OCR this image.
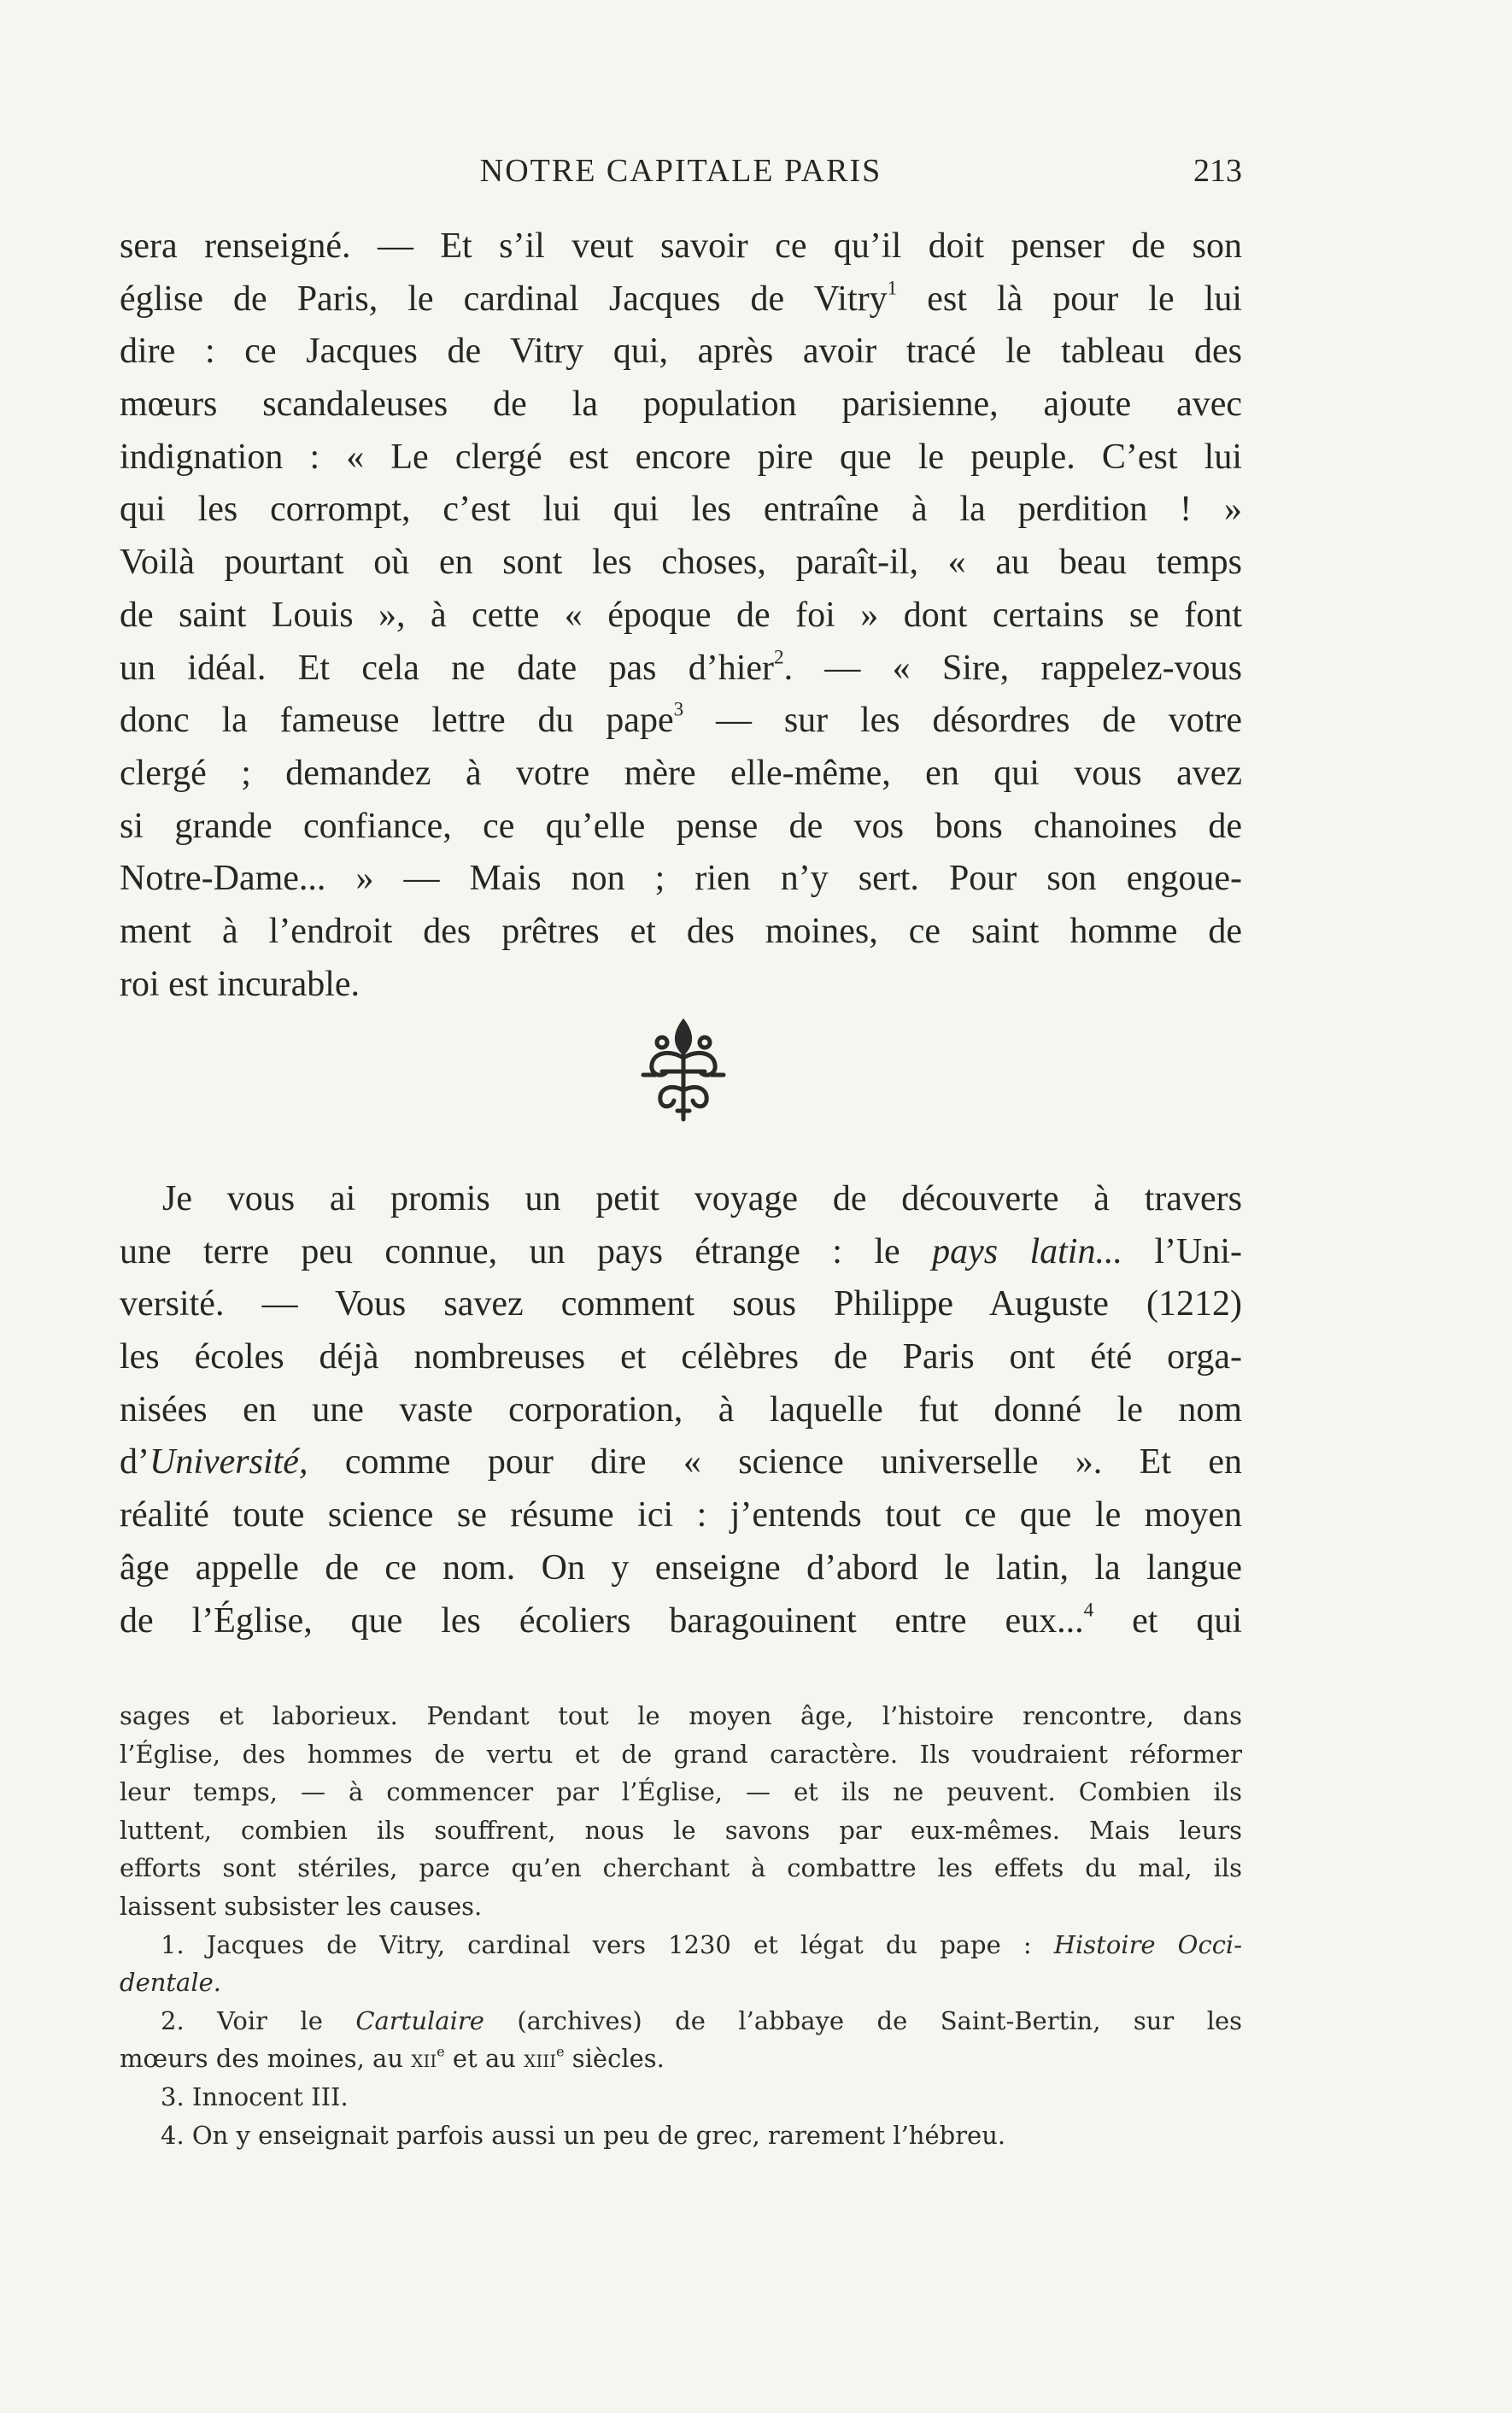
NOTRE CAPITALE PARIS	213
sera renseigné. — Et s’il veut savoir ce qu’il doit penser de son
église de Paris, le cardinal Jacques de Vitry$^1$ est là pour le lui
dire : ce Jacques de Vitry qui, après avoir tracé le tableau des
mœurs scandaleuses de la population parisienne, ajoute avec
indignation : « Le clergé est encore pire que le peuple. C’est lui
qui les corrompt, c’est lui qui les entraîne à la perdition ! »
Voilà pourtant où en sont les choses, paraît-il, « au beau temps
de saint Louis », à cette « époque de foi » dont certains se font
un idéal. Et cela ne date pas d’hier$^2$. — « Sire, rappelez-vous
donc la fameuse lettre du pape$^3$ — sur les désordres de votre
clergé ; demandez à votre mère elle-même, en qui vous avez
si grande confiance, ce qu’elle pense de vos bons chanoines de
Notre-Dame... » — Mais non ; rien n’y sert. Pour son engoue-
ment à l’endroit des prêtres et des moines, ce saint homme de
roi est incurable.
Je vous ai promis un petit voyage de découverte à travers
une terre peu connue, un pays étrange : le pays latin... l’Uni-
versité. — Vous savez comment sous Philippe Auguste (1212)
les écoles déjà nombreuses et célèbres de Paris ont été orga-
nisées en une vaste corporation, à laquelle fut donné le nom
d’Université, comme pour dire « science universelle ». Et en
réalité toute science se résume ici : j’entends tout ce que le moyen
âge appelle de ce nom. On y enseigne d’abord le latin, la langue
de l’Église, que les écoliers baragouinent entre eux...$^4$ et qui
sages et laborieux. Pendant tout le moyen âge, l’histoire rencontre, dans
l’Église, des hommes de vertu et de grand caractère. Ils voudraient réformer
leur temps, — à commencer par l’Église, — et ils ne peuvent. Combien ils
luttent, combien ils souffrent, nous le savons par eux-mêmes. Mais leurs
efforts sont stériles, parce qu’en cherchant à combattre les effets du mal, ils
laissent subsister les causes.
1. Jacques de Vitry, cardinal vers 1230 et légat du pape : Histoire Occi-
dentale.
2. Voir le Cartulaire (archives) de l’abbaye de Saint-Bertin, sur les
mœurs des moines, au xii$^e$ et au xiii$^e$ siècles.
3. Innocent III.
4. On y enseignait parfois aussi un peu de grec, rarement l’hébreu.
